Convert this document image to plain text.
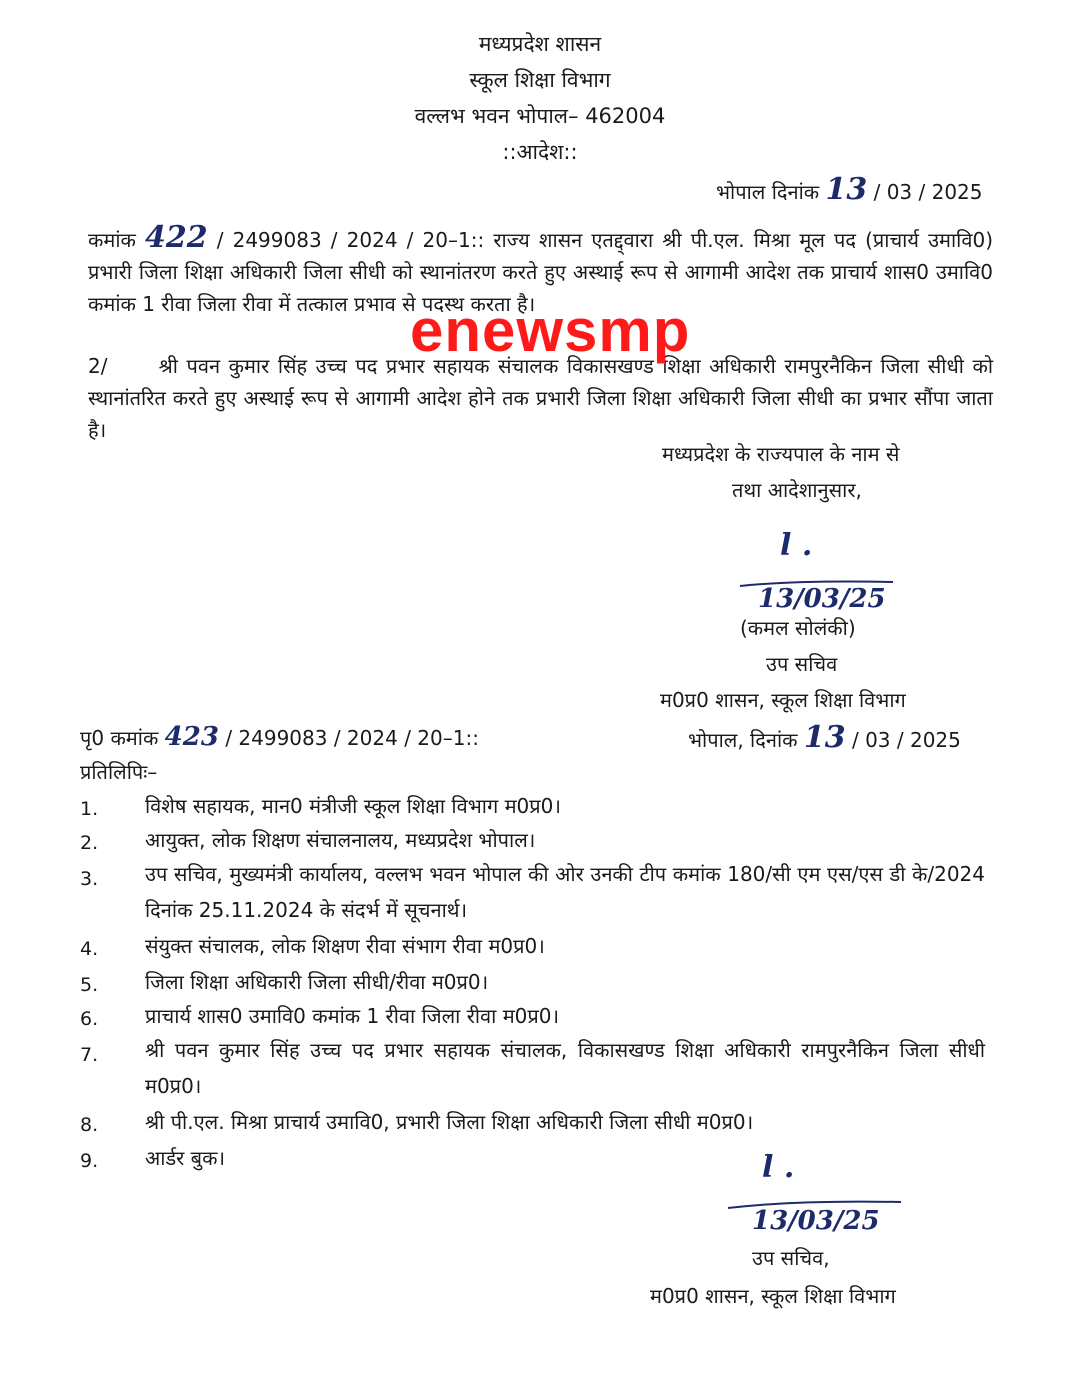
मध्यप्रदेश शासन
स्कूल शिक्षा विभाग
वल्लभ भवन भोपाल– 462004
::आदेश::
भोपाल दिनांक 13 / 03 / 2025
कमांक 422 / 2499083 / 2024 / 20–1:: राज्य शासन एतद्द्वारा श्री पी.एल. मिश्रा मूल पद (प्राचार्य उमावि0) प्रभारी जिला शिक्षा अधिकारी जिला सीधी को स्थानांतरण करते हुए अस्थाई रूप से आगामी आदेश तक प्राचार्य शास0 उमावि0 कमांक 1 रीवा जिला रीवा में तत्काल प्रभाव से पदस्थ करता है।
2/	श्री पवन कुमार सिंह उच्च पद प्रभार सहायक संचालक विकासखण्ड शिक्षा अधिकारी रामपुरनैकिन जिला सीधी को स्थानांतरित करते हुए अस्थाई रूप से आगामी आदेश होने तक प्रभारी जिला शिक्षा अधिकारी जिला सीधी का प्रभार सौंपा जाता है।
enewsmp
मध्यप्रदेश के राज्यपाल के नाम से
तथा आदेशानुसार,
l .
13/03/25
(कमल सोलंकी)
उप सचिव
म0प्र0 शासन, स्कूल शिक्षा विभाग
भोपाल, दिनांक 13 / 03 / 2025
पृ0 कमांक 423 / 2499083 / 2024 / 20–1::
प्रतिलिपिः–
1. विशेष सहायक, मान0 मंत्रीजी स्कूल शिक्षा विभाग म0प्र0।
2. आयुक्त, लोक शिक्षण संचालनालय, मध्यप्रदेश भोपाल।
3. उप सचिव, मुख्यमंत्री कार्यालय, वल्लभ भवन भोपाल की ओर उनकी टीप कमांक 180/सी एम एस/एस डी के/2024 दिनांक 25.11.2024 के संदर्भ में सूचनार्थ।
4. संयुक्त संचालक, लोक शिक्षण रीवा संभाग रीवा म0प्र0।
5. जिला शिक्षा अधिकारी जिला सीधी/रीवा म0प्र0।
6. प्राचार्य शास0 उमावि0 कमांक 1 रीवा जिला रीवा म0प्र0।
7. श्री पवन कुमार सिंह उच्च पद प्रभार सहायक संचालक, विकासखण्ड शिक्षा अधिकारी रामपुरनैकिन जिला सीधी म0प्र0।
8. श्री पी.एल. मिश्रा प्राचार्य उमावि0, प्रभारी जिला शिक्षा अधिकारी जिला सीधी म0प्र0।
9. आर्डर बुक।	l .
13/03/25
उप सचिव,
म0प्र0 शासन, स्कूल शिक्षा विभाग
